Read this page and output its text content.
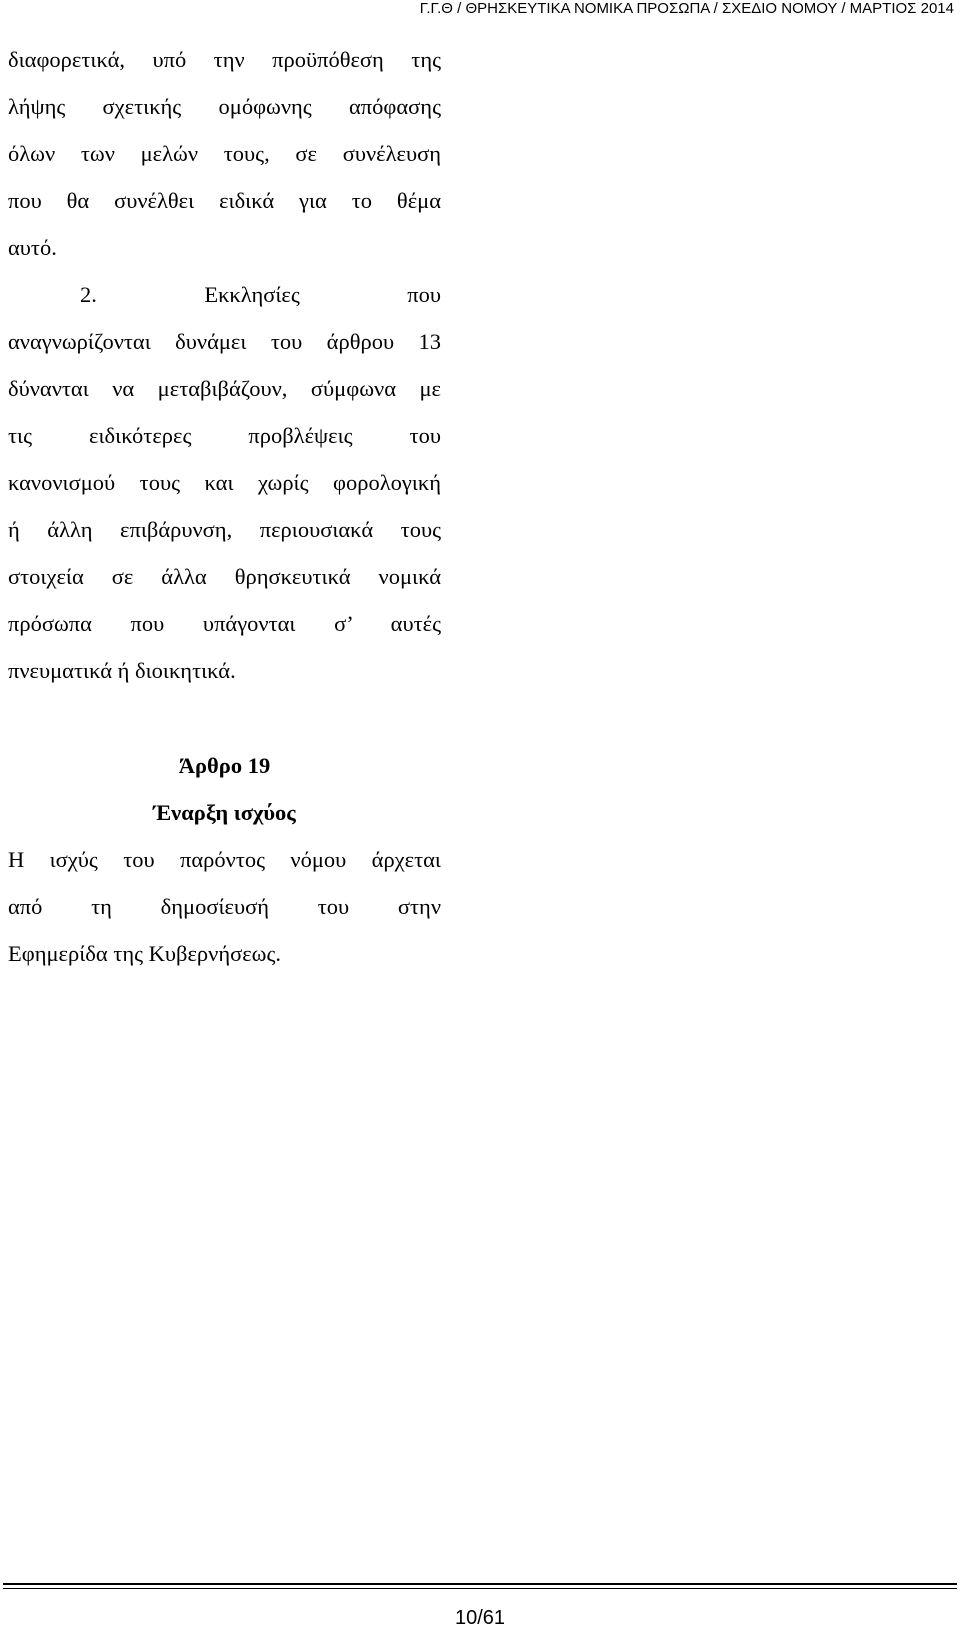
Γ.Γ.Θ / ΘΡΗΣΚΕΥΤΙΚΑ ΝΟΜΙΚΑ ΠΡΟΣΩΠΑ / ΣΧΕΔΙΟ ΝΟΜΟΥ / ΜΑΡΤΙΟΣ 2014
διαφορετικά, υπό την προϋπόθεση της
λήψης σχετικής ομόφωνης απόφασης
όλων των μελών τους, σε συνέλευση
που θα συνέλθει ειδικά για το θέμα
αυτό.
2. Εκκλησίες που
αναγνωρίζονται δυνάμει του άρθρου 13
δύνανται να μεταβιβάζουν, σύμφωνα με
τις ειδικότερες προβλέψεις του
κανονισμού τους και χωρίς φορολογική
ή άλλη επιβάρυνση, περιουσιακά τους
στοιχεία σε άλλα θρησκευτικά νομικά
πρόσωπα που υπάγονται σ’ αυτές
πνευματικά ή διοικητικά.
Άρθρο 19
Έναρξη ισχύος
Η ισχύς του παρόντος νόμου άρχεται
από τη δημοσίευσή του στην
Εφημερίδα της Κυβερνήσεως.
10/61
